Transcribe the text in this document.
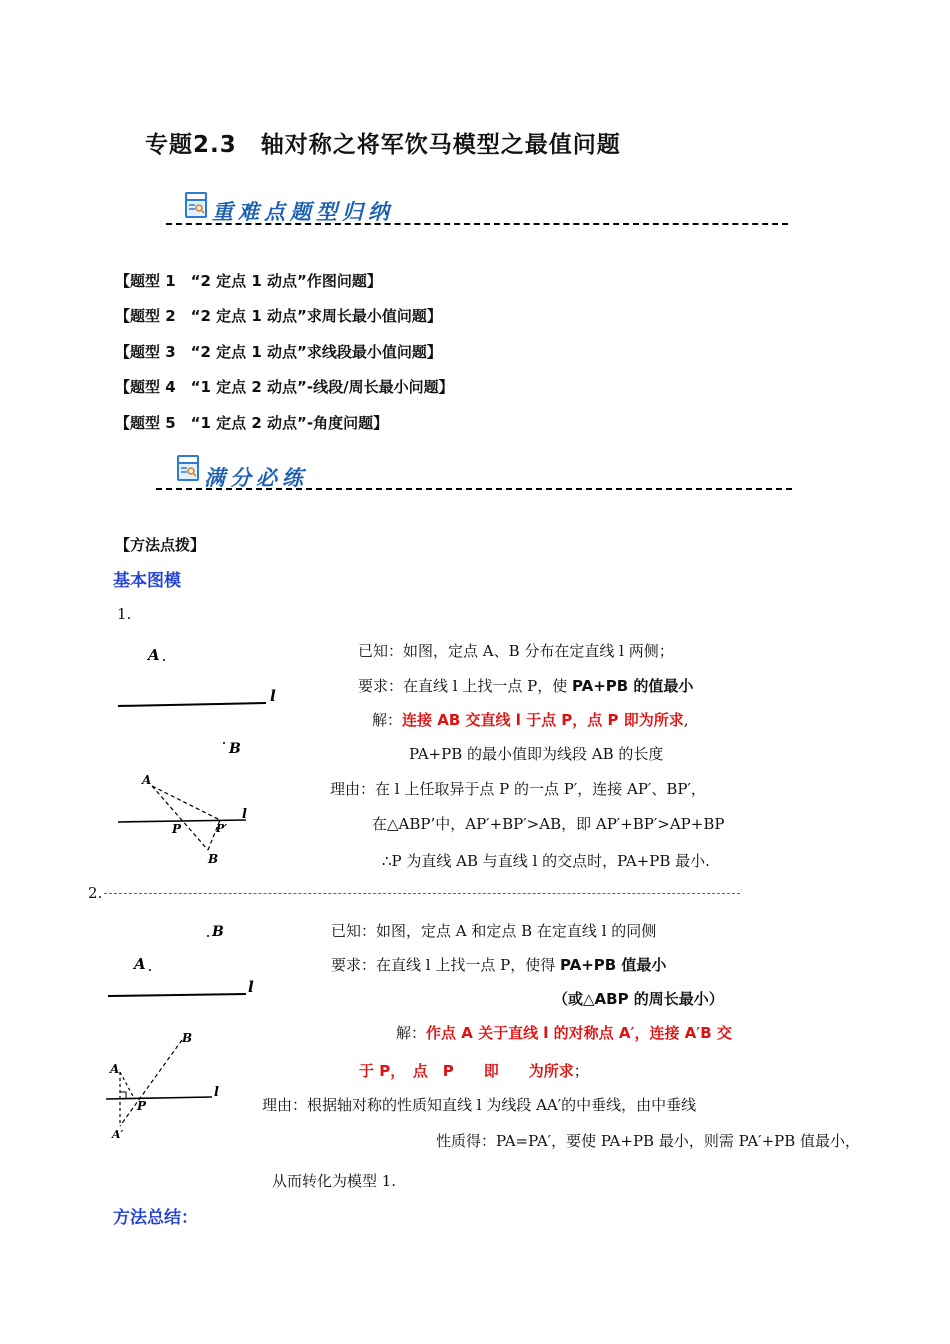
专题2.3　轴对称之将军饮马模型之最值问题
重难点题型归纳
【题型 1　“2 定点 1 动点”作图问题】
【题型 2　“2 定点 1 动点”求周长最小值问题】
【题型 3　“2 定点 1 动点”求线段最小值问题】
【题型 4　“1 定点 2 动点”-线段/周长最小问题】
【题型 5　“1 定点 2 动点”-角度问题】
满分必练
【方法点拨】
基本图模
1.
A
l
B
l
A
P	P′
B
已知：如图，定点 A、B 分布在定直线 l 两侧；
要求：在直线 l 上找一点 P，使 PA+PB 的值最小
解：连接 AB 交直线 l 于点 P，点 P 即为所求,
PA+PB 的最小值即为线段 AB 的长度
理由：在 l 上任取异于点 P 的一点 P′，连接 AP′、BP′，
在△ABP’中，AP′+BP′>AB，即 AP′+BP′>AP+BP
∴P 为直线 AB 与直线 l 的交点时，PA+PB 最小.
2.
B
A
l
l
B
A
P
A′
已知：如图，定点 A 和定点 B 在定直线 l 的同侧
要求：在直线 l 上找一点 P，使得 PA+PB 值最小
（或△ABP 的周长最小）
解：作点 A 关于直线 l 的对称点 A′，连接 A′B 交
于 P，　点　P　　即　　为所求；
理由：根据轴对称的性质知直线 l 为线段 AA′的中垂线，由中垂线
性质得：PA=PA′，要使 PA+PB 最小，则需 PA′+PB 值最小，
从而转化为模型 1.
方法总结：
